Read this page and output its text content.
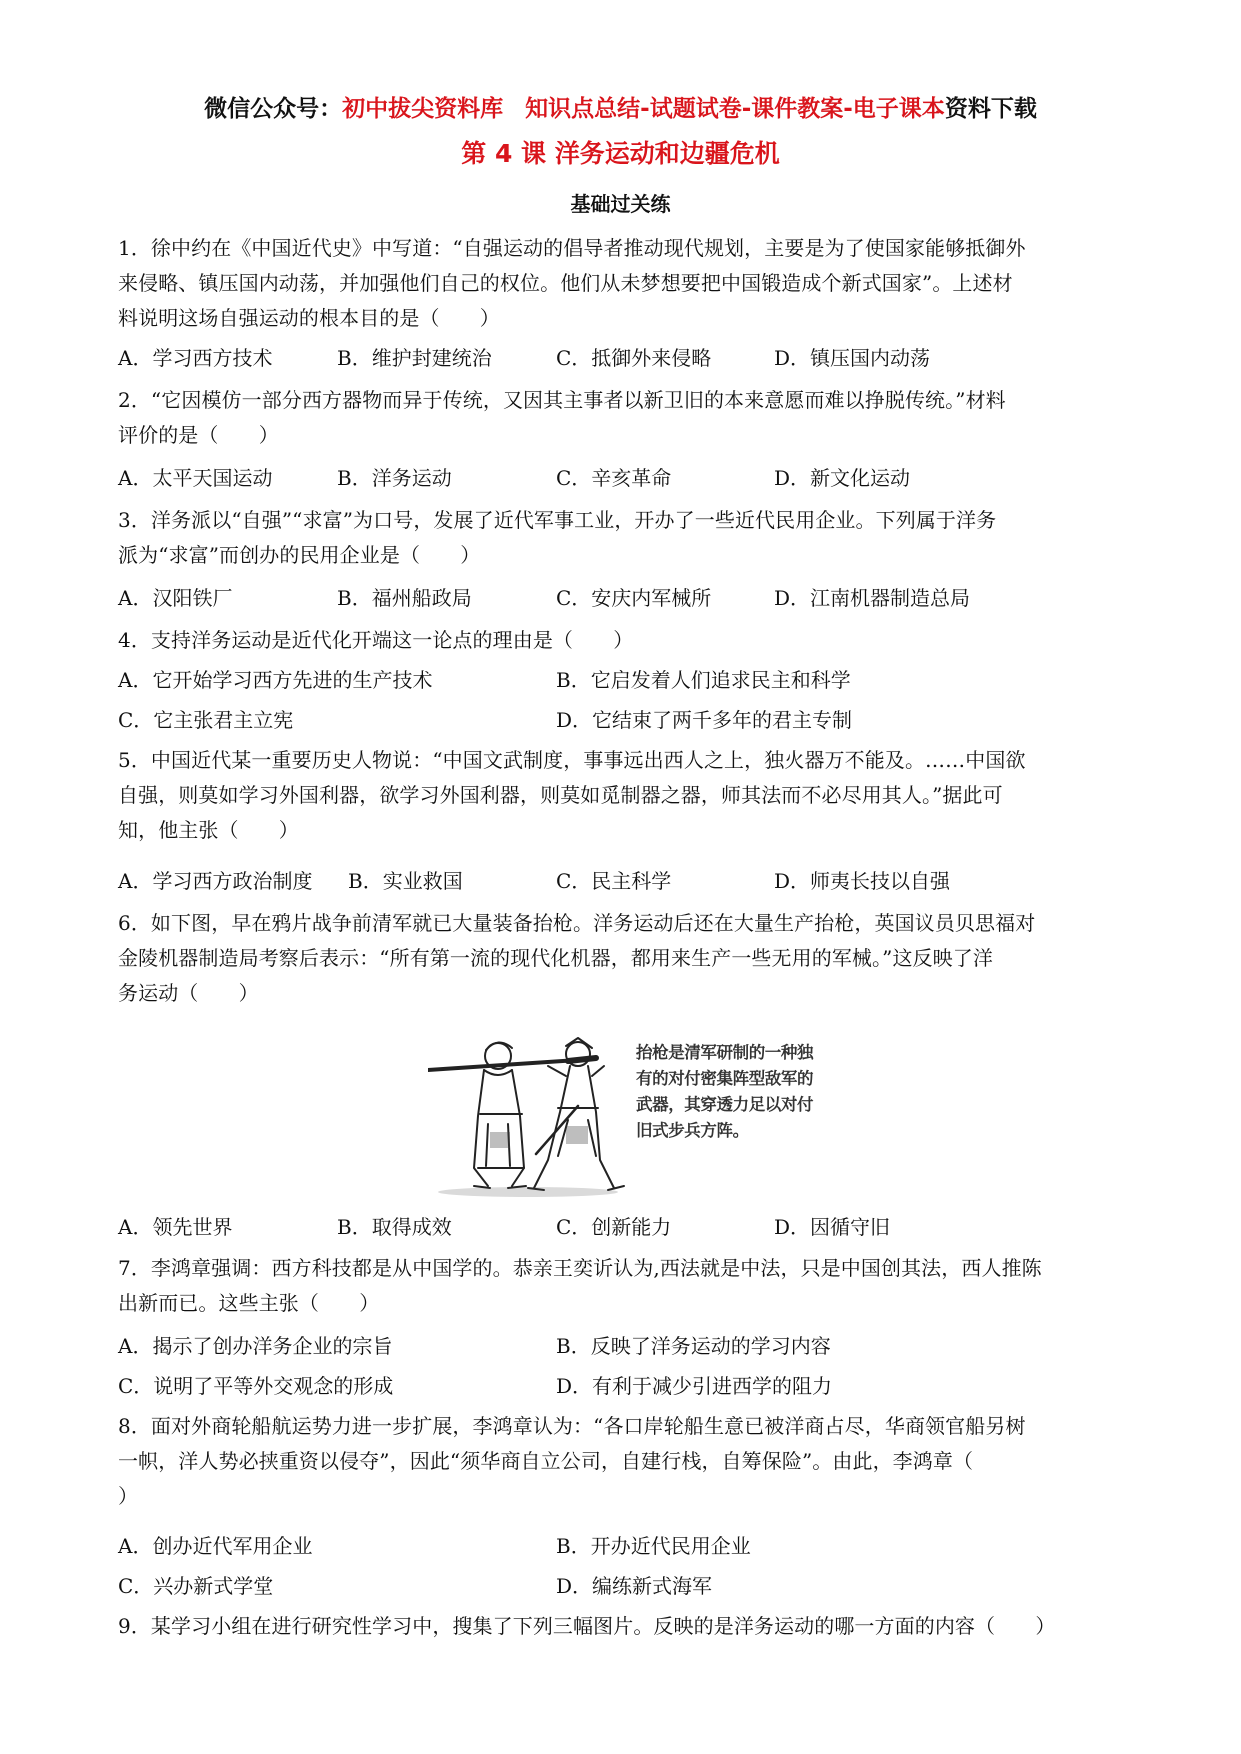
微信公众号：初中拔尖资料库 知识点总结-试题试卷-课件教案-电子课本资料下载
第 4 课 洋务运动和边疆危机
基础过关练
1．徐中约在《中国近代史》中写道：“自强运动的倡导者推动现代规划，主要是为了使国家能够抵御外
来侵略、镇压国内动荡，并加强他们自己的权位。他们从未梦想要把中国锻造成个新式国家”。上述材
料说明这场自强运动的根本目的是（　　）
A．学习西方技术	B．维护封建统治	C．抵御外来侵略	D．镇压国内动荡
2．“它因模仿一部分西方器物而异于传统，又因其主事者以新卫旧的本来意愿而难以挣脱传统。”材料
评价的是（　　）
A．太平天国运动	B．洋务运动	C．辛亥革命	D．新文化运动
3．洋务派以“自强”“求富”为口号，发展了近代军事工业，开办了一些近代民用企业。下列属于洋务
派为“求富”而创办的民用企业是（　　）
A．汉阳铁厂	B．福州船政局	C．安庆内军械所	D．江南机器制造总局
4．支持洋务运动是近代化开端这一论点的理由是（　　）
A．它开始学习西方先进的生产技术	B．它启发着人们追求民主和科学
C．它主张君主立宪	D．它结束了两千多年的君主专制
5．中国近代某一重要历史人物说：“中国文武制度，事事远出西人之上，独火器万不能及。……中国欲
自强，则莫如学习外国利器，欲学习外国利器，则莫如觅制器之器，师其法而不必尽用其人。”据此可
知，他主张（　　）
A．学习西方政治制度 B．实业救国	C．民主科学	D．师夷长技以自强
6．如下图，早在鸦片战争前清军就已大量装备抬枪。洋务运动后还在大量生产抬枪，英国议员贝思福对
金陵机器制造局考察后表示：“所有第一流的现代化机器，都用来生产一些无用的军械。”这反映了洋
务运动（　　）
抬枪是清军研制的一种独有的对付密集阵型敌军的武器，其穿透力足以对付旧式步兵方阵。
A．领先世界	B．取得成效	C．创新能力	D．因循守旧
7．李鸿章强调：西方科技都是从中国学的。恭亲王奕䜣认为,西法就是中法，只是中国创其法，西人推陈
出新而已。这些主张（　　）
A．揭示了创办洋务企业的宗旨	B．反映了洋务运动的学习内容
C．说明了平等外交观念的形成	D．有利于减少引进西学的阻力
8．面对外商轮船航运势力进一步扩展，李鸿章认为：“各口岸轮船生意已被洋商占尽，华商领官船另树
一帜，洋人势必挟重资以侵夺”，因此“须华商自立公司，自建行栈，自筹保险”。由此，李鸿章（
）
A．创办近代军用企业	B．开办近代民用企业
C．兴办新式学堂	D．编练新式海军
9．某学习小组在进行研究性学习中，搜集了下列三幅图片。反映的是洋务运动的哪一方面的内容（　　）
